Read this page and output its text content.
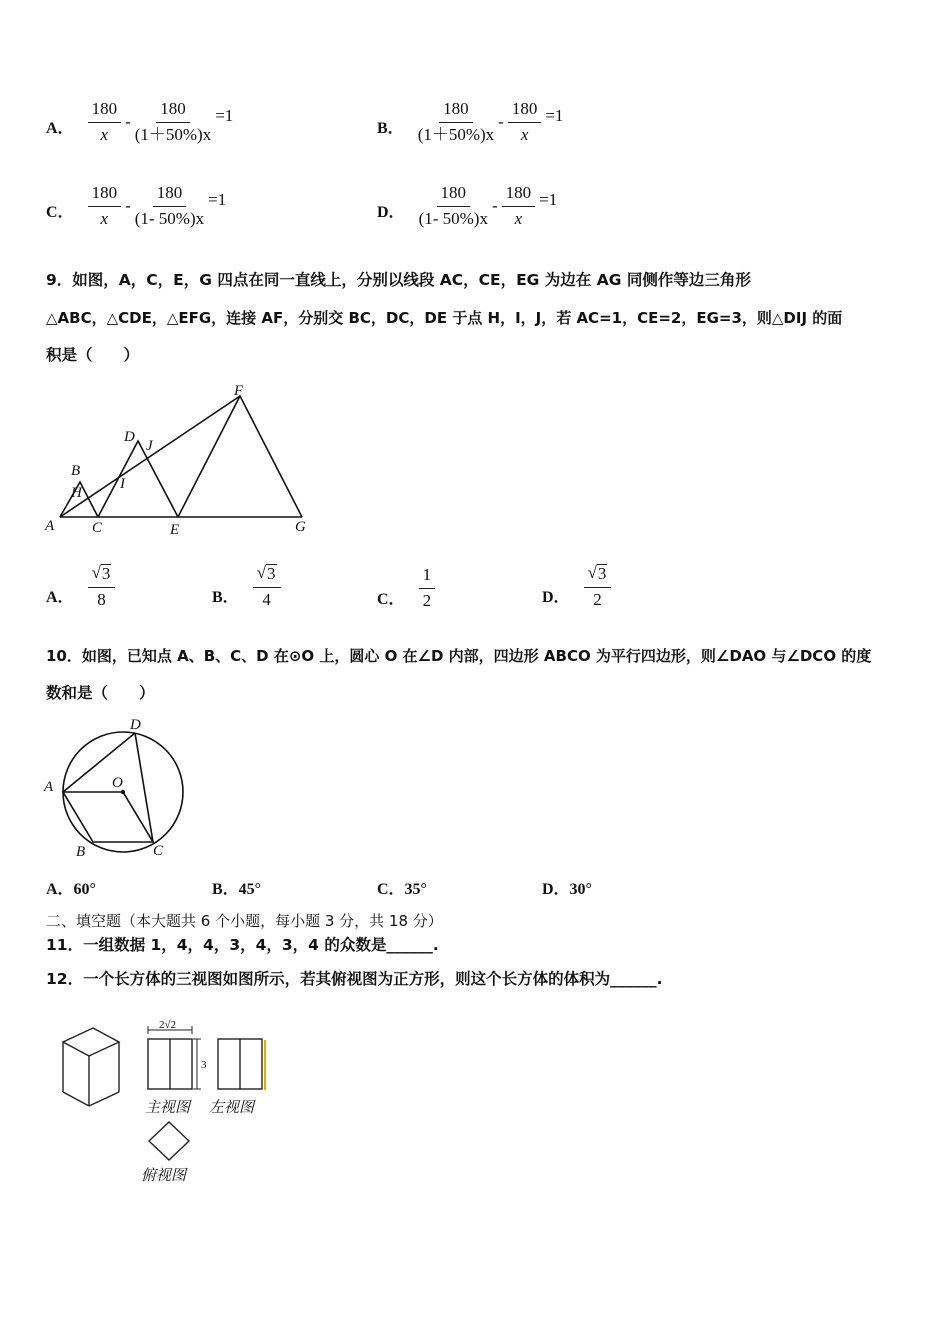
A． $\frac{180}{x} - \frac{180}{(1+50\%)x} =1$
B． $\frac{180}{(1+50\%)x} - \frac{180}{x} =1$
C． $\frac{180}{x} - \frac{180}{(1- 50\%)x} =1$
D． $\frac{180}{(1- 50\%)x} - \frac{180}{x} =1$
9．如图，A，C，E，G 四点在同一直线上，分别以线段 AC，CE，EG 为边在 AG 同侧作等边三角形
△ABC，△CDE，△EFG，连接 AF，分别交 BC，DC，DE 于点 H，I，J，若 AC=1，CE=2，EG=3，则△DIJ 的面
积是（　　）
A
B
C
D
E
F
G
H
I
J
A． $\frac{√ 3}{8}$	B． $\frac{√ 3}{4}$	C． $\frac{1}{2}$	D． $\frac{√ 3}{2}$
10．如图，已知点 A、B、C、D 在⊙O 上，圆心 O 在∠D 内部，四边形 ABCO 为平行四边形，则∠DAO 与∠DCO 的度
数和是（　　）
A
B	C
D
O
A．60°	B．45°	C．35°	D．30°
二、填空题（本大题共 6 个小题，每小题 3 分，共 18 分）
11．一组数据 1，4，4，3，4，3，4 的众数是______.
12．一个长方体的三视图如图所示，若其俯视图为正方形，则这个长方体的体积为______.
2√2
3
主视图 左视图
俯视图
